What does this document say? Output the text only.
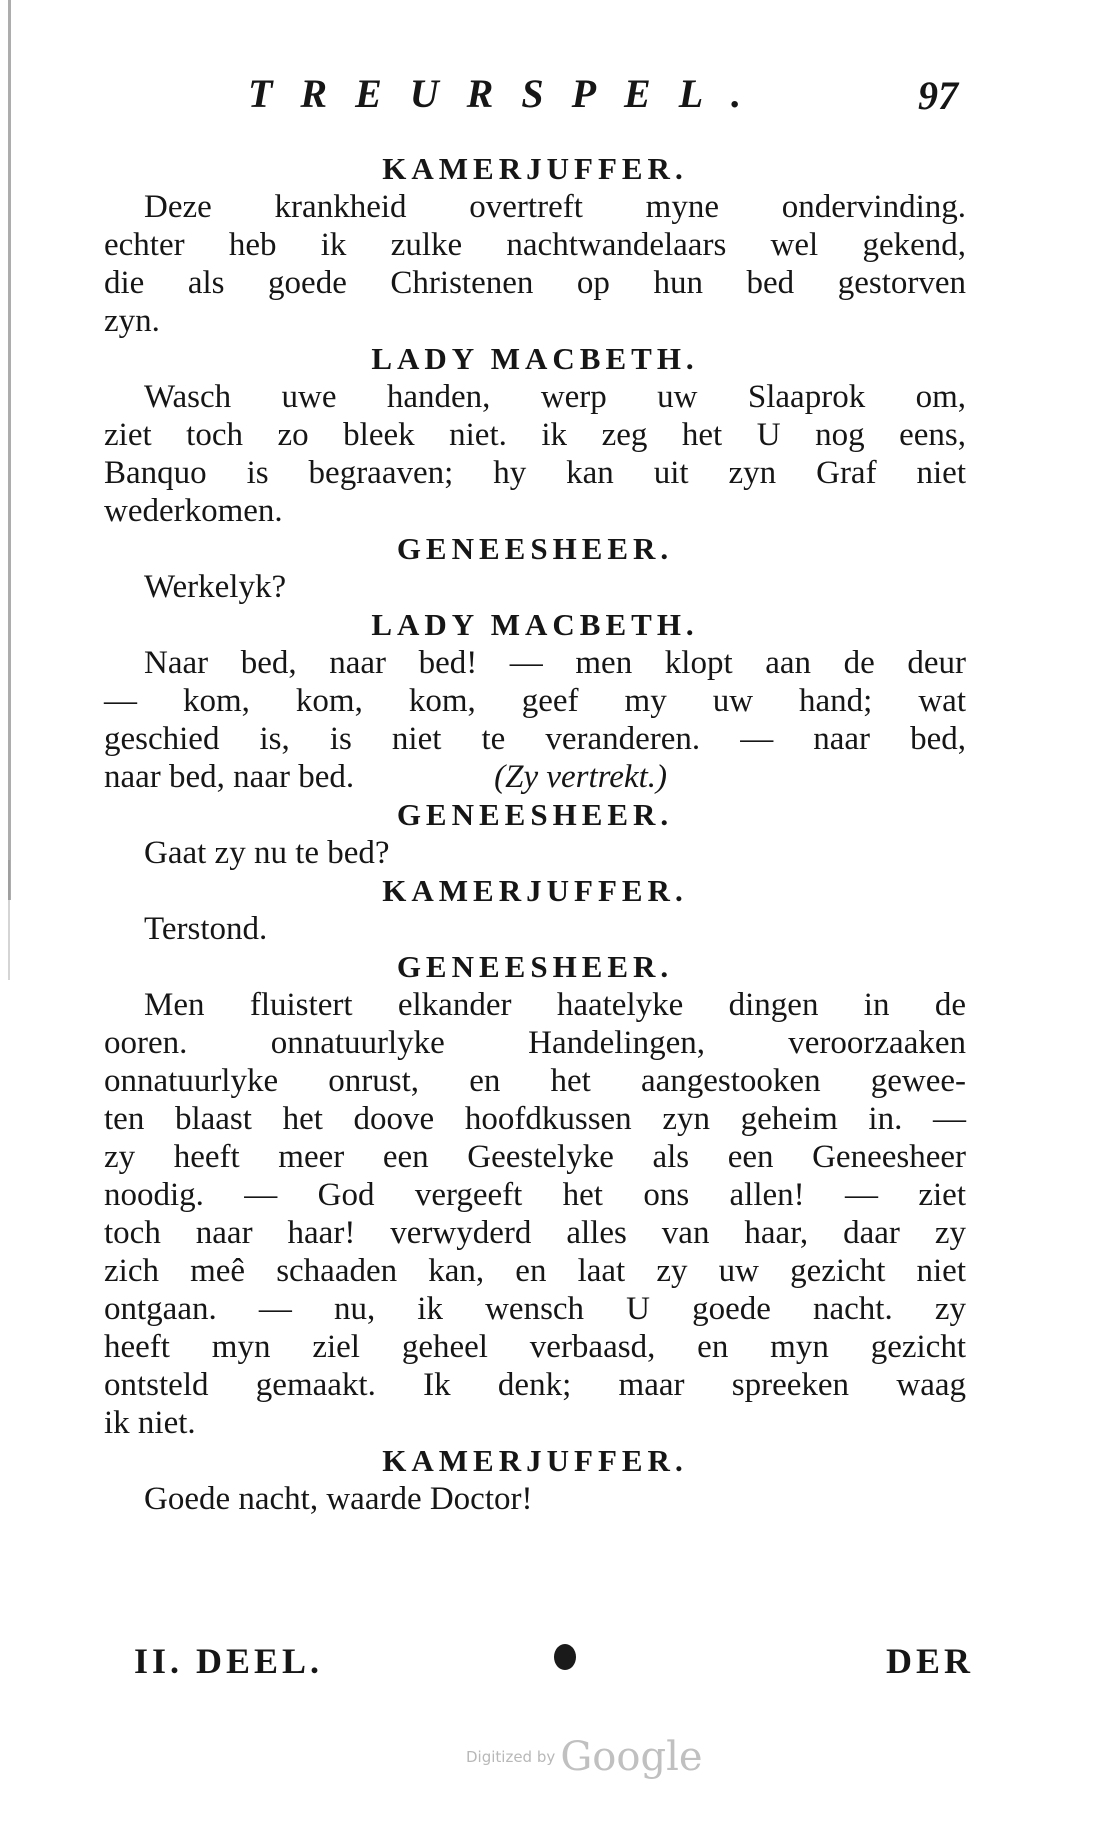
TREURSPEL.	97
KAMERJUFFER.
Deze krankheid overtreft myne ondervinding.
echter heb ik zulke nachtwandelaars wel gekend,
die als goede Christenen op hun bed gestorven
zyn.
LADY MACBETH.
Wasch uwe handen, werp uw Slaaprok om,
ziet toch zo bleek niet. ik zeg het U nog eens,
Banquo is begraaven; hy kan uit zyn Graf niet
wederkomen.
GENEESHEER.
Werkelyk?
LADY MACBETH.
Naar bed, naar bed! — men klopt aan de deur
— kom, kom, kom, geef my uw hand; wat
geschied is, is niet te veranderen. — naar bed,
naar bed, naar bed.	(Zy vertrekt.)
GENEESHEER.
Gaat zy nu te bed?
KAMERJUFFER.
Terstond.
GENEESHEER.
Men fluistert elkander haatelyke dingen in de
ooren. onnatuurlyke Handelingen, veroorzaaken
onnatuurlyke onrust, en het aangestooken gewee-
ten blaast het doove hoofdkussen zyn geheim in. —
zy heeft meer een Geestelyke als een Geneesheer
noodig. — God vergeeft het ons allen! — ziet
toch naar haar! verwyderd alles van haar, daar zy
zich meê schaaden kan, en laat zy uw gezicht niet
ontgaan. — nu, ik wensch U goede nacht. zy
heeft myn ziel geheel verbaasd, en myn gezicht
ontsteld gemaakt. Ik denk; maar spreeken waag
ik niet.
KAMERJUFFER.
Goede nacht, waarde Doctor!
II. DEEL.	DER
Digitized by Google
